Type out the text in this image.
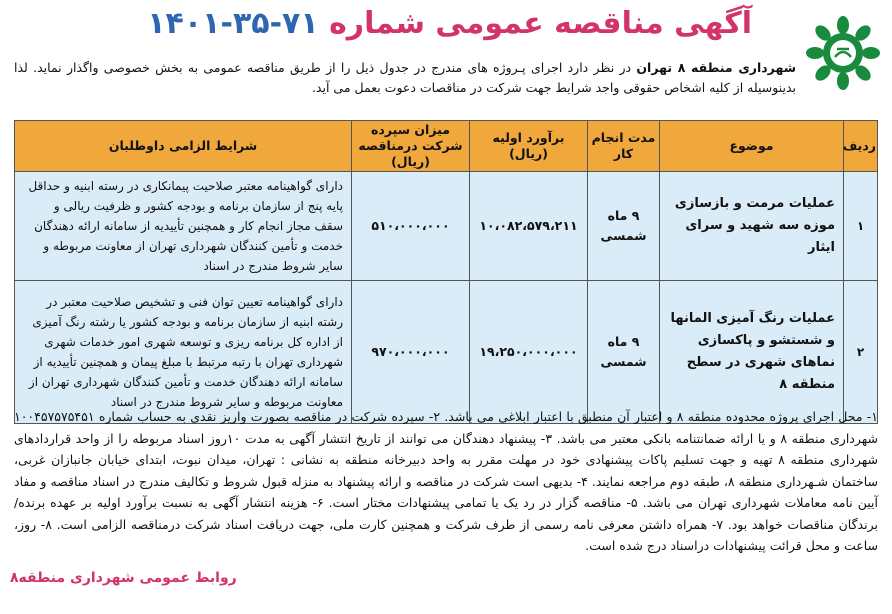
آگهی مناقصه عمومی شماره ۷۱-۳۵-۱۴۰۱
شهرداری منطقه ۸ تهران در نظر دارد اجرای پـروژه های مندرج در جدول ذیل را از طریق مناقصه عمومی به بخش خصوصی واگذار نماید. لذا بدینوسیله از کلیه اشخاص حقوقی واجد شرایط جهت شرکت در مناقصات دعوت بعمل می آید.
ردیف	موضوع	مدت انجام کار	برآورد اولیه (ریال)	میزان سپرده شرکت درمناقصه (ریال)	شرایط الزامی داوطلبان
۱	عملیات مرمت و بازسازی موزه سه شهید و سرای ایثار	۹ ماه شمسی	۱۰،۰۸۲،۵۷۹،۲۱۱	۵۱۰،۰۰۰،۰۰۰	دارای گواهینامه معتبر صلاحیت پیمانکاری در رسته ابنیه و حداقل پایه پنج از سازمان برنامه و بودجه کشور و ظرفیت ریالی و سقف مجاز انجام کار و همچنین تأییدیه از سامانه ارائه دهندگان خدمت و تأمین کنندگان شهرداری تهران از معاونت مربوطه و سایر شروط مندرج در اسناد
۲	عملیات رنگ آمیزی المانها و شستشو و پاکسازی نماهای شهری در سطح منطقه ۸	۹ ماه شمسی	۱۹،۲۵۰،۰۰۰،۰۰۰	۹۷۰،۰۰۰،۰۰۰	دارای گواهینامه تعیین توان فنی و تشخیص صلاحیت معتبر در رشته ابنیه از سازمان برنامه و بودجه کشور یا رشته رنگ آمیزی از اداره کل برنامه ریزی و توسعه شهری امور خدمات شهری شهرداری تهران با رتبه مرتبط با مبلغ پیمان و همچنین تأییدیه از سامانه ارائه دهندگان خدمت و تأمین کنندگان شهرداری تهران از معاونت مربوطه و سایر شروط مندرج در اسناد
۱- محل اجرای پروژه محدوده منطقه ۸ و اعتبار آن منطبق با اعتبار ابلاغی می باشد. ۲- سپرده شرکت در مناقصه بصورت واریز نقدی به حساب شماره ۱۰۰۴۵۷۵۷۵۴۵۱ شهرداری منطقه ۸ و یا ارائه ضمانتنامه بانکی معتبر می باشد. ۳- پیشنهاد دهندگان می توانند از تاریخ انتشار آگهی به مدت ۱۰روز اسناد مربوطه را از واحد قراردادهای شهرداری منطقه ۸ تهیه و جهت تسلیم پاکات پیشنهادی خود در مهلت مقرر به واحد دبیرخانه منطقه به نشانی : تهران، میدان نبوت، ابتدای خیابان جانبازان غربی، ساختمان شـهرداری منطقه ۸، طبقه دوم مراجعه نمایند. ۴- بدیهی است شرکت در مناقصه و ارائه پیشنهاد به منزله قبول شروط و تکالیف مندرج در اسناد مناقصه و مفاد آیین نامه معاملات شهرداری تهران می باشد. ۵- مناقصه گزار در رد یک یا تمامی پیشنهادات مختار است. ۶- هزینه انتشار آگهی به نسبت برآورد اولیه بر عهده برنده/ برندگان مناقصات خواهد بود. ۷- همراه داشتن معرفی نامه رسمی از طرف شرکت و همچنین کارت ملی، جهت دریافت اسناد شرکت درمناقصه الزامی است. ۸- روز، ساعت و محل قرائت پیشنهادات دراسناد درج شده است.
روابط عمومی شهرداری منطقه۸
